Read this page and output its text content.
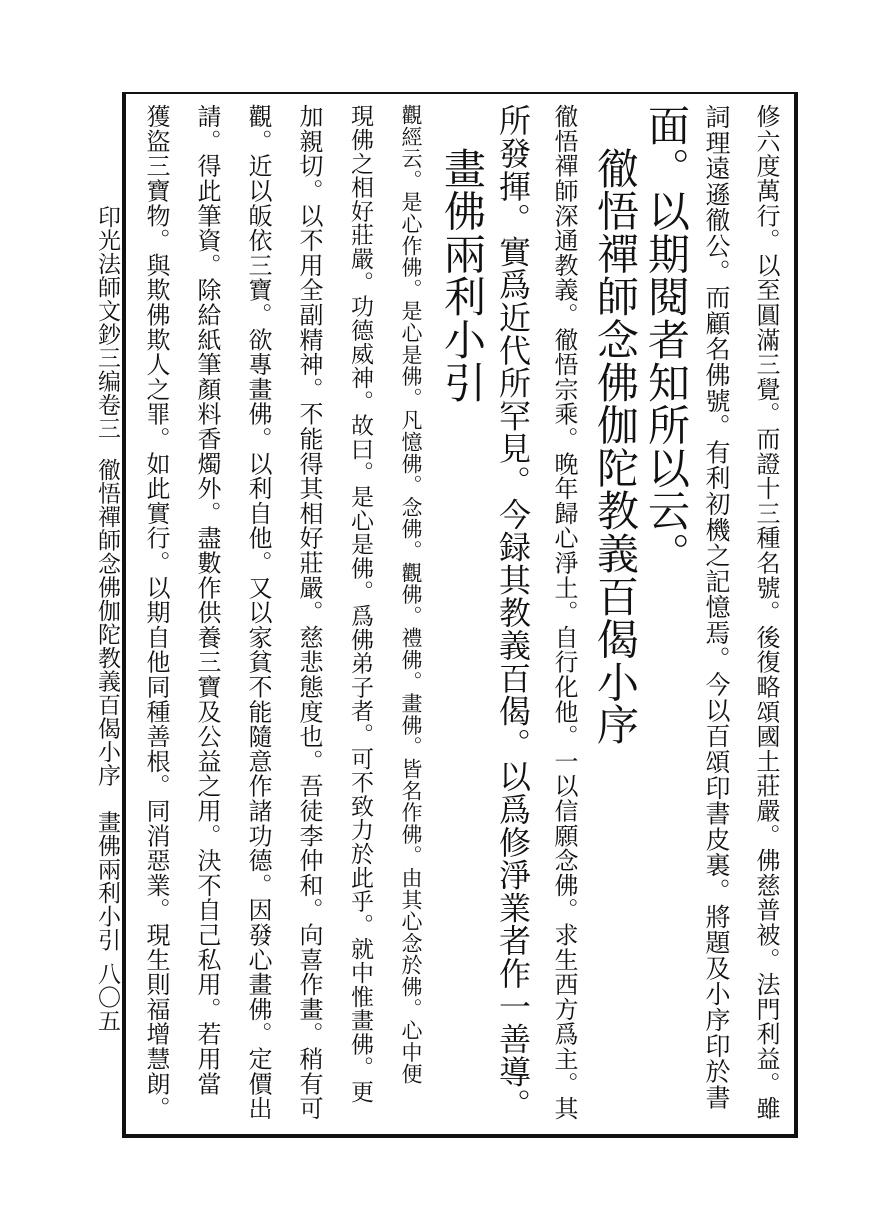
印光法師文鈔三编卷三
徹悟禪師念佛伽陀教義百偈小序　畫佛兩利小引
八〇五	修六度萬行。以至圓滿三覺。而證十三種名號。後復略頌國土莊嚴。佛慈普被。法門利益。雖
詞理遠遜徹公。而顧名佛號。有利初機之記憶焉。今以百頌印書皮裏。將題及小序印於書
面。以期閱者知所以云。
　徹悟禪師念佛伽陀教義百偈小序
徹悟禪師深通教義。徹悟宗乘。晚年歸心淨土。自行化他。一以信願念佛。求生西方爲主。其
所發揮。實爲近代所罕見。今録其教義百偈。以爲修淨業者作一善導。
　畫佛兩利小引
觀經云。是心作佛。是心是佛。凡憶佛。念佛。觀佛。禮佛。畫佛。皆名作佛。由其心念於佛。心中便
現佛之相好莊嚴。功德威神。故曰。是心是佛。爲佛弟子者。可不致力於此乎。就中惟畫佛。更
加親切。以不用全副精神。不能得其相好莊嚴。慈悲態度也。吾徒李仲和。向喜作畫。稍有可
觀。近以皈依三寶。欲專畫佛。以利自他。又以家貧不能隨意作諸功德。因發心畫佛。定價出
請。得此筆資。除給紙筆顏料香燭外。盡數作供養三寶及公益之用。決不自己私用。若用當
獲盜三寶物。與欺佛欺人之罪。如此實行。以期自他同種善根。同消惡業。現生則福增慧朗。
